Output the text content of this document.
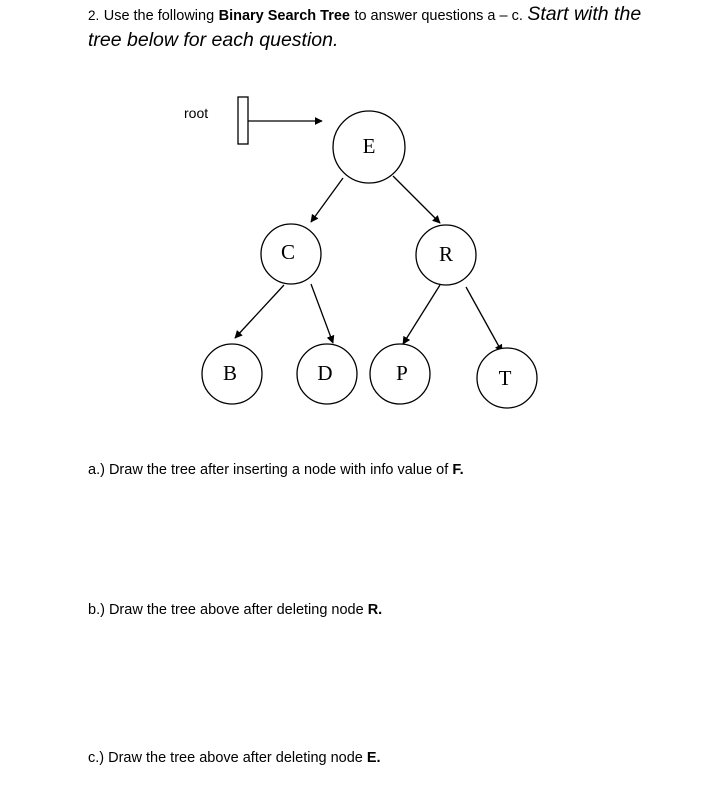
2. Use the following Binary Search Tree to answer questions a – c. Start with the
tree below for each question.
root
E
C	R
B	D	P	T
a.) Draw the tree after inserting a node with info value of F.
b.) Draw the tree above after deleting node R.
c.) Draw the tree above after deleting node E.
